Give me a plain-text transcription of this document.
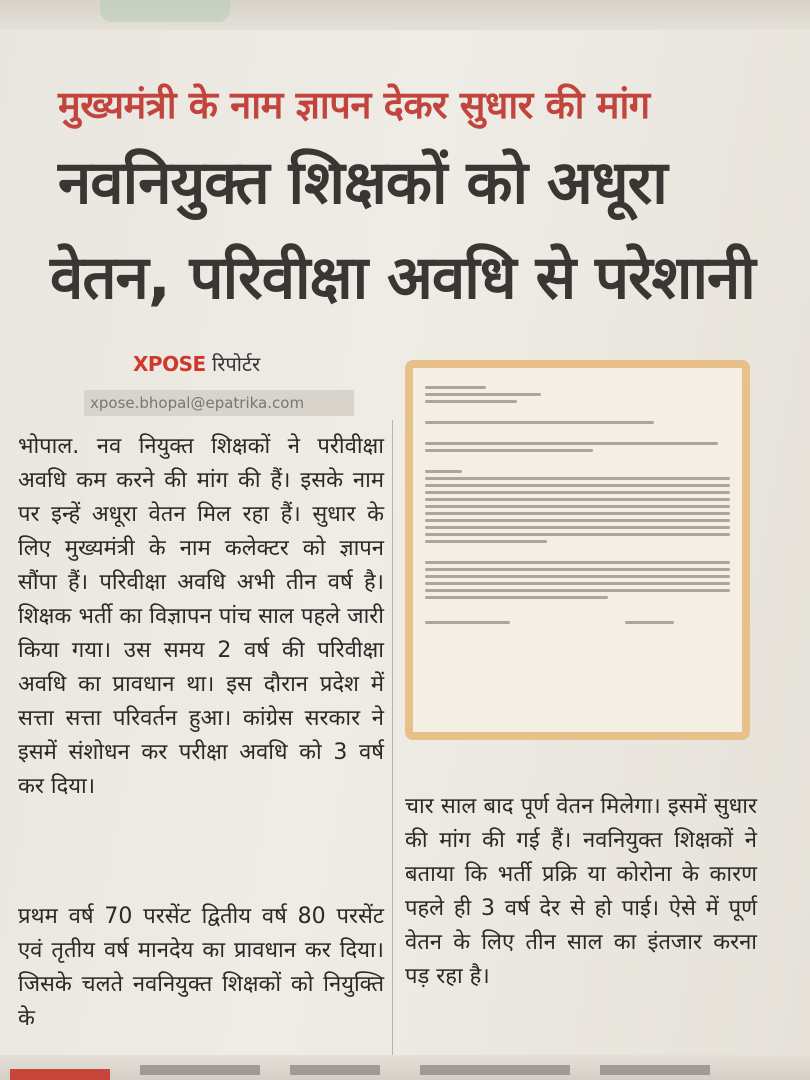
मुख्यमंत्री के नाम ज्ञापन देकर सुधार की मांग
नवनियुक्त शिक्षकों को अधूरा
वेतन, परिवीक्षा अवधि से परेशानी
XPOSE रिपोर्टर
xpose.bhopal@epatrika.com

भोपाल. नव नियुक्त शिक्षकों ने परीवीक्षा अवधि कम करने की मांग की हैं। इसके नाम पर इन्हें अधूरा वेतन मिल रहा हैं। सुधार के लिए मुख्यमंत्री के नाम कलेक्टर को ज्ञापन सौंपा हैं। परिवीक्षा अवधि अभी तीन वर्ष है। शिक्षक भर्ती का विज्ञापन पांच साल पहले जारी किया गया। उस समय 2 वर्ष की परिवीक्षा अवधि का प्रावधान था। इस दौरान प्रदेश में सत्ता सत्ता परिवर्तन हुआ। कांग्रेस सरकार ने इसमें संशोधन कर परीक्षा अवधि को 3 वर्ष कर दिया।

प्रथम वर्ष 70 परसेंट द्वितीय वर्ष 80 परसेंट एवं तृतीय वर्ष मानदेय का प्रावधान कर दिया। जिसके चलते नवनियुक्त शिक्षकों को नियुक्ति के

चार साल बाद पूर्ण वेतन मिलेगा। इसमें सुधार की मांग की गई हैं। नवनियुक्त शिक्षकों ने बताया कि भर्ती प्रक्रि या कोरोना के कारण पहले ही 3 वर्ष देर से हो पाई। ऐसे में पूर्ण वेतन के लिए तीन साल का इंतजार करना पड़ रहा है।
